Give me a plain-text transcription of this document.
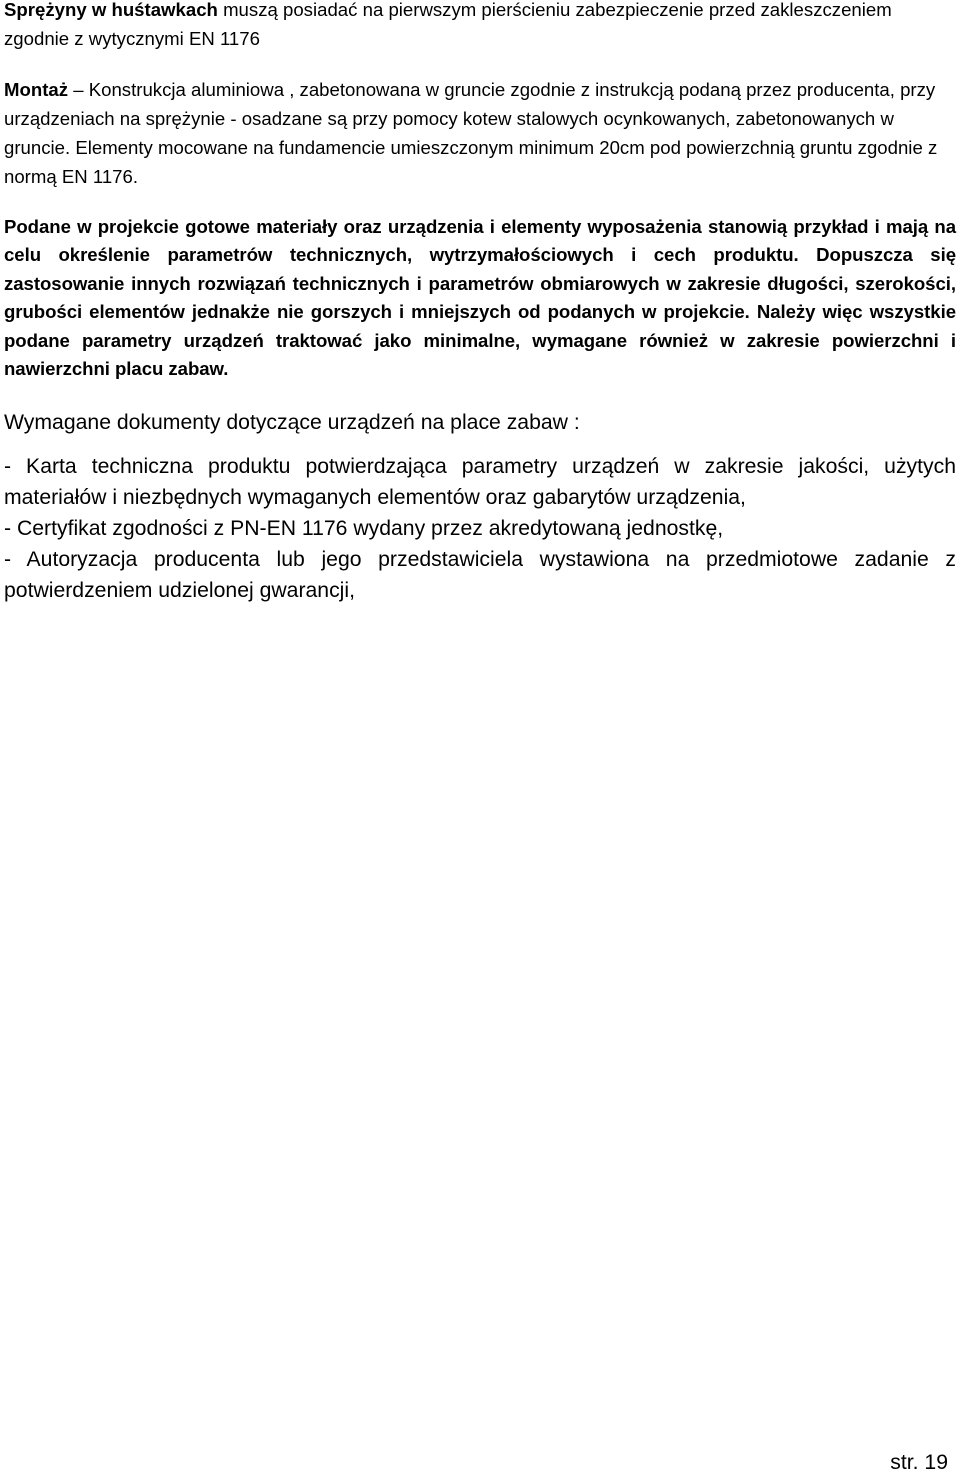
Sprężyny w huśtawkach muszą posiadać na pierwszym pierścieniu zabezpieczenie przed zakleszczeniem zgodnie z wytycznymi EN 1176

Montaż – Konstrukcja aluminiowa , zabetonowana w gruncie zgodnie z instrukcją podaną przez producenta, przy urządzeniach na sprężynie - osadzane są przy pomocy kotew stalowych ocynkowanych, zabetonowanych w gruncie. Elementy mocowane na fundamencie umieszczonym minimum 20cm pod powierzchnią gruntu zgodnie z normą EN 1176.

Podane w projekcie gotowe materiały oraz urządzenia i elementy wyposażenia stanowią przykład i mają na celu określenie parametrów technicznych, wytrzymałościowych i cech produktu. Dopuszcza się zastosowanie innych rozwiązań technicznych i parametrów obmiarowych w zakresie długości, szerokości, grubości elementów jednakże nie gorszych i mniejszych od podanych w projekcie. Należy więc wszystkie podane parametry urządzeń traktować jako minimalne, wymagane również w zakresie powierzchni i nawierzchni placu zabaw.

Wymagane dokumenty dotyczące urządzeń na place zabaw :

- Karta techniczna produktu potwierdzająca parametry urządzeń w zakresie jakości, użytych materiałów i niezbędnych wymaganych elementów oraz gabarytów urządzenia,

- Certyfikat zgodności z PN-EN 1176 wydany przez akredytowaną jednostkę,

- Autoryzacja producenta lub jego przedstawiciela wystawiona na przedmiotowe zadanie z potwierdzeniem udzielonej gwarancji,

str. 19
